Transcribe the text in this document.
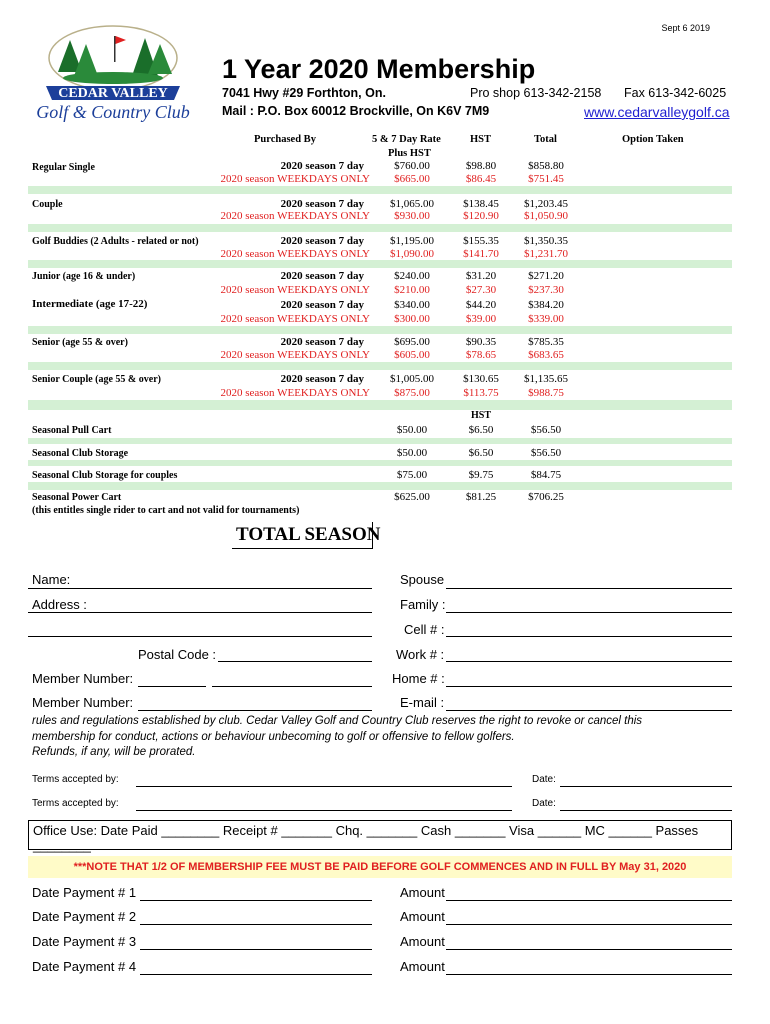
Sept 6 2019
CEDAR VALLEY
Golf & Country Club
1 Year 2020 Membership
7041 Hwy #29 Forthton, On.
Mail : P.O. Box 60012 Brockville, On K6V 7M9
Pro shop 613-342-2158 Fax 613-342-6025
www.cedarvalleygolf.ca
Purchased By	5 & 7 Day Rate
Plus HST
HST	Total	Option Taken
Regular Single	2020 season 7 day	$760.00	$98.80	$858.80
2020 season WEEKDAYS ONLY	$665.00	$86.45	$751.45
Couple	2020 season 7 day	$1,065.00	$138.45	$1,203.45
2020 season WEEKDAYS ONLY	$930.00	$120.90	$1,050.90
Golf Buddies (2 Adults - related or not)	2020 season 7 day	$1,195.00	$155.35	$1,350.35
2020 season WEEKDAYS ONLY	$1,090.00	$141.70	$1,231.70
Junior (age 16 & under)	2020 season 7 day	$240.00	$31.20	$271.20
2020 season WEEKDAYS ONLY	$210.00	$27.30	$237.30
Intermediate (age 17-22)	2020 season 7 day	$340.00	$44.20	$384.20
2020 season WEEKDAYS ONLY	$300.00	$39.00	$339.00
Senior (age 55 & over)	2020 season 7 day	$695.00	$90.35	$785.35
2020 season WEEKDAYS ONLY	$605.00	$78.65	$683.65
Senior Couple (age 55 & over)	2020 season 7 day	$1,005.00	$130.65	$1,135.65
2020 season WEEKDAYS ONLY	$875.00	$113.75	$988.75
HST
Seasonal Pull Cart	$50.00	$6.50	$56.50
Seasonal Club Storage	$50.00	$6.50	$56.50
Seasonal Club Storage for couples	$75.00	$9.75	$84.75
Seasonal Power Cart	$625.00	$81.25	$706.25
(this entitles single rider to cart and not valid for tournaments)
TOTAL SEASON
Name:	Spouse
Address :	Family :
Cell # :
Postal Code :	Work # :
Member Number:	Home # :
Member Number:	E-mail :
rules and regulations established by club. Cedar Valley Golf and Country Club reserves the right to revoke or cancel this
membership for conduct, actions or behaviour unbecoming to golf or offensive to fellow golfers.
Refunds, if any, will be prorated.
Terms accepted by:	Date:
Terms accepted by:	Date:
Office Use: Date Paid ________ Receipt # _______ Chq. _______ Cash _______ Visa ______ MC ______ Passes ________
***NOTE THAT 1/2 OF MEMBERSHIP FEE MUST BE PAID BEFORE GOLF COMMENCES AND IN FULL BY May 31, 2020
Date Payment # 1	Amount
Date Payment # 2	Amount
Date Payment # 3	Amount
Date Payment # 4	Amount
